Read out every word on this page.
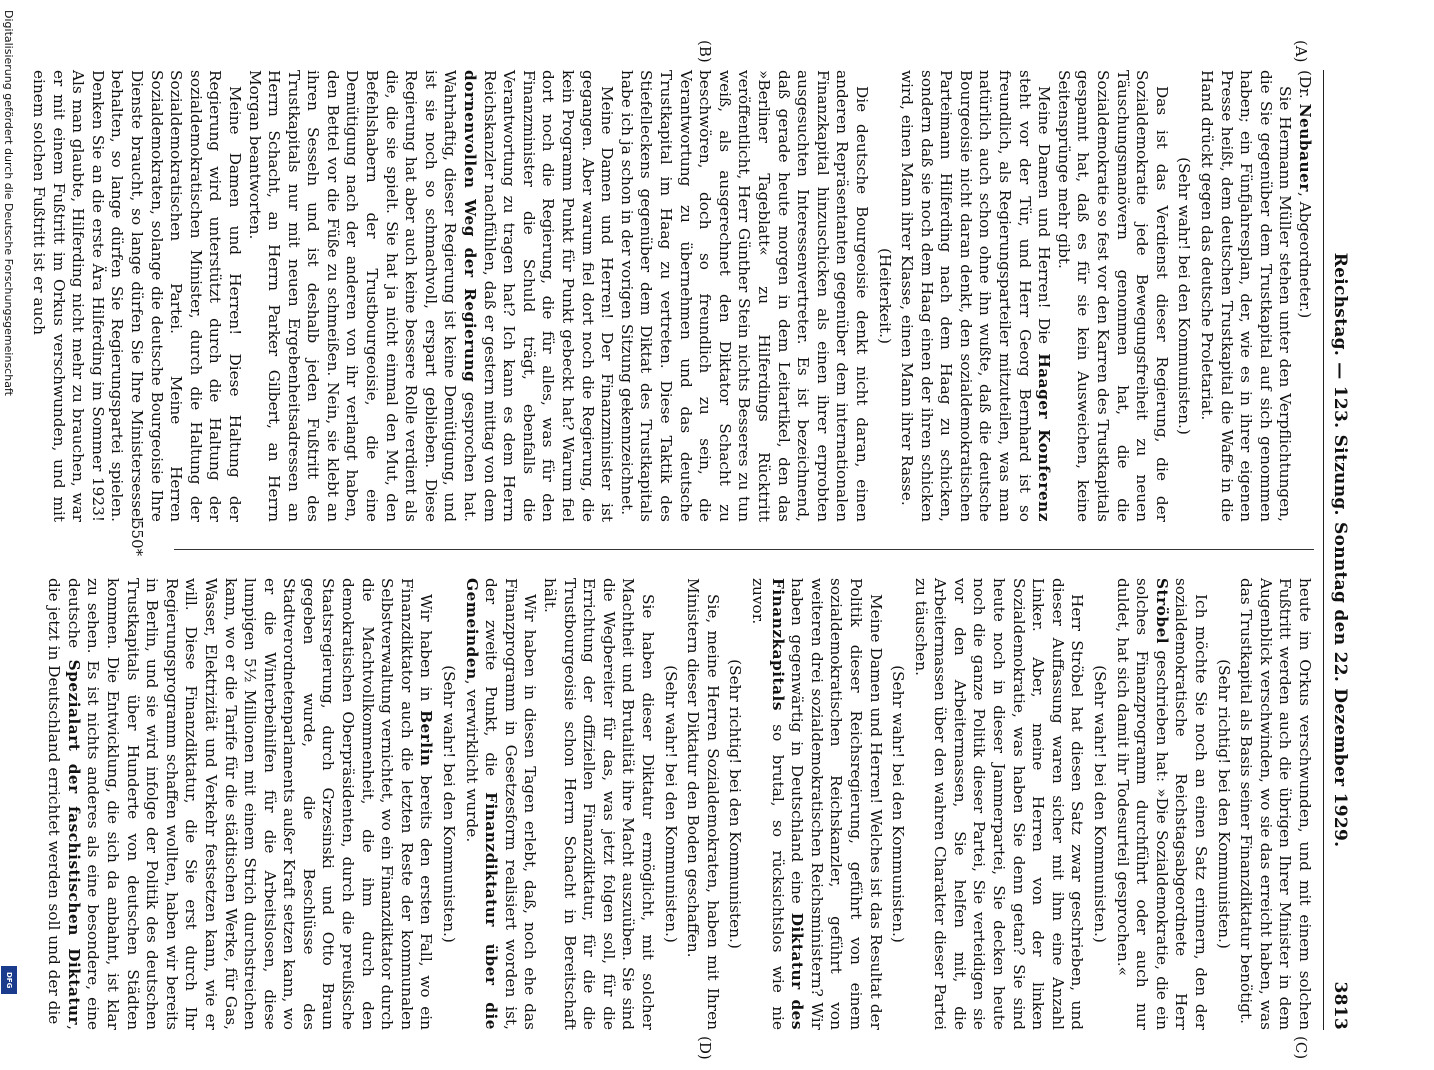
Reichstag. — 123. Sitzung. Sonntag den 22. Dezember 1929.
3813

(Dr. Neubauer, Abgeordneter.)

Sie Hermann Müller stehen unter den Verpflichtungen, die Sie gegenüber dem Trustkapital auf sich genommen haben; ein Fünfjahresplan, der, wie es in ihrer eigenen Presse heißt, dem deutschen Trustkapital die Waffe in die Hand drückt gegen das deutsche Proletariat.

(Sehr wahr! bei den Kommunisten.)

Das ist das Verdienst dieser Regierung, die der Sozialdemokratie jede Bewegungsfreiheit zu neuen Täuschungsmanövern genommen hat, die die Sozialdemokratie so fest vor den Karren des Trustkapitals gespannt hat, daß es für sie kein Ausweichen, keine Seitensprünge mehr gibt.

Meine Damen und Herren! Die Haager Konferenz steht vor der Tür, und Herr Georg Bernhard ist so freundlich, als Regierungsparteiler mitzuteilen, was man natürlich auch schon ohne ihn wußte, daß die deutsche Bourgeoisie nicht daran denkt, den sozialdemokratischen Parteimann Hilferding nach dem Haag zu schicken, sondern daß sie noch dem Haag einen der ihren schicken wird, einen Mann ihrer Klasse, einen Mann ihrer Rasse.

(Heiterkeit.)

Die deutsche Bourgeoisie denkt nicht daran, einen anderen Repräsentanten gegenüber dem internationalen Finanzkapital hinzuschicken als einen ihrer erprobten ausgesuchten Interessenvertreter. Es ist bezeichnend, daß gerade heute morgen in dem Leitartikel, den das »Berliner Tageblatt« zu Hilferdings Rücktritt veröffentlicht, Herr Günther Stein nichts Besseres zu tun weiß, als ausgerechnet den Diktator Schacht zu beschwören, doch so freundlich zu sein, die Verantwortung zu übernehmen und das deutsche Trustkapital im Haag zu vertreten. Diese Taktik des Stiefelleckens gegenüber dem Diktat des Trustkapitals habe ich ja schon in der vorigen Sitzung gekennzeichnet.

Meine Damen und Herren! Der Finanzminister ist gegangen. Aber warum fiel dort noch die Regierung, die kein Programm Punkt für Punkt gebeckt hat? Warum fiel dort noch die Regierung, die für alles, was für den Finanzminister die Schuld trägt, ebenfalls die Verantwortung zu tragen hat? Ich kann es dem Herrn Reichskanzler nachfühlen, daß er gestern mittag von dem dornenvollen Weg der Regierung gesprochen hat. Wahrhaftig, dieser Regierung ist keine Demütigung, und ist sie noch so schmachvoll, erspart geblieben. Diese Regierung hat aber auch keine bessere Rolle verdient als die, die sie spielt. Sie hat ja nicht einmal den Mut, den Befehlshabern der Trustbourgeoisie, die eine Demütigung nach der anderen von ihr verlangt haben, den Bettel vor die Füße zu schmeißen. Nein, sie klebt an ihren Sesseln und ist deshalb jeden Fußtritt des Trustkapitals nur mit neuen Ergebenheitsadressen an Herrn Schacht, an Herrn Parker Gilbert, an Herrn Morgan beantworten.

Meine Damen und Herren! Diese Haltung der Regierung wird unterstützt durch die Haltung der sozialdemokratischen Minister, durch die Haltung der Sozialdemokratischen Partei. Meine Herren Sozialdemokraten, solange die deutsche Bourgeoisie Ihre Dienste braucht, so lange dürfen Sie Ihre Ministersessel behalten, so lange dürfen Sie Regierungspartei spielen. Denken Sie an die erste Ära Hilferding im Sommer 1923! Als man glaubte, Hilferding nicht mehr zu brauchen, war er mit einem Fußtritt im Orkus verschwunden, und mit einem solchen Fußtritt ist er auch

heute im Orkus verschwunden, und mit einem solchen Fußtritt werden auch die übrigen Ihrer Minister in dem Augenblick verschwinden, wo sie das erreicht haben, was das Trustkapital als Basis seiner Finanzdiktatur benötigt.

(Sehr richtig! bei den Kommunisten.)

Ich möchte Sie noch an einen Satz erinnern, den der sozialdemokratische Reichstagsabgeordnete Herr Ströbel geschrieben hat: »Die Sozialdemokratie, die ein solches Finanzprogramm durchführt oder auch nur duldet, hat sich damit ihr Todesurteil gesprochen.«

(Sehr wahr! bei den Kommunisten.)

Herr Ströbel hat diesen Satz zwar geschrieben, und dieser Auffassung waren sicher mit ihm eine Anzahl Linker. Aber, meine Herren von der linken Sozialdemokratie, was haben Sie denn getan? Sie sind heute noch in dieser Jammerpartei, Sie decken heute noch die ganze Politik dieser Partei, Sie verteidigen sie vor den Arbeitermassen, Sie helfen mit, die Arbeitermassen über den wahren Charakter dieser Partei zu täuschen.

(Sehr wahr! bei den Kommunisten.)

Meine Damen und Herren! Welches ist das Resultat der Politik dieser Reichsregierung, geführt von einem sozialdemokratischen Reichskanzler, geführt von weiteren drei sozialdemokratischen Reichsministern? Wir haben gegenwärtig in Deutschland eine Diktatur des Finanzkapitals so brutal, so rücksichtslos wie nie zuvor.

(Sehr richtig! bei den Kommunisten.)

Sie, meine Herren Sozialdemokraten, haben mit Ihren Ministern dieser Diktatur den Boden geschaffen.

(Sehr wahr! bei den Kommunisten.)

Sie haben dieser Diktatur ermöglicht, mit solcher Machtheit und Brutalität ihre Macht auszuüben. Sie sind die Wegbereiter für das, was jetzt folgen soll, für die Errichtung der offiziellen Finanzdiktatur, für die die Trustbourgeoisie schon Herrn Schacht in Bereitschaft hält.

Wir haben in diesen Tagen erlebt, daß, noch ehe das Finanzprogramm in Gesetzesform realisiert worden ist, der zweite Punkt, die Finanzdiktatur über die Gemeinden, verwirklicht wurde.

(Sehr wahr! bei den Kommunisten.)

Wir haben in Berlin bereits den ersten Fall, wo ein Finanzdiktator auch die letzten Reste der kommunalen Selbstverwaltung vernichtet, wo ein Finanzdiktator durch die Machtvollkommenheit, die ihm durch den demokratischen Oberpräsidenten, durch die preußische Staatsregierung, durch Grzesinski und Otto Braun gegeben wurde, die Beschlüsse des Stadtverordnetenparlaments außer Kraft setzen kann, wo er die Winterbeihilfen für die Arbeitslosen, diese lumpigen 5½ Millionen mit einem Strich durchstreichen kann, wo er die Tarife für die städtischen Werke, für Gas, Wasser, Elektrizität und Verkehr festsetzen kann, wie er will. Diese Finanzdiktatur, die Sie erst durch Ihr Regierungsprogramm schaffen wollten, haben wir bereits in Berlin, und sie wird infolge der Politik des deutschen Trustkapitals über Hunderte von deutschen Städten kommen. Die Entwicklung, die sich da anbahnt, ist klar zu sehen. Es ist nichts anderes als eine besondere, eine deutsche Spezialart der faschistischen Diktatur, die jetzt in Deutschland errichtet werden soll und der die

(A)
(B)
(C)
(D)
550*
Digitalisierung gefördert durch die Deutsche Forschungsgemeinschaft
DFG
